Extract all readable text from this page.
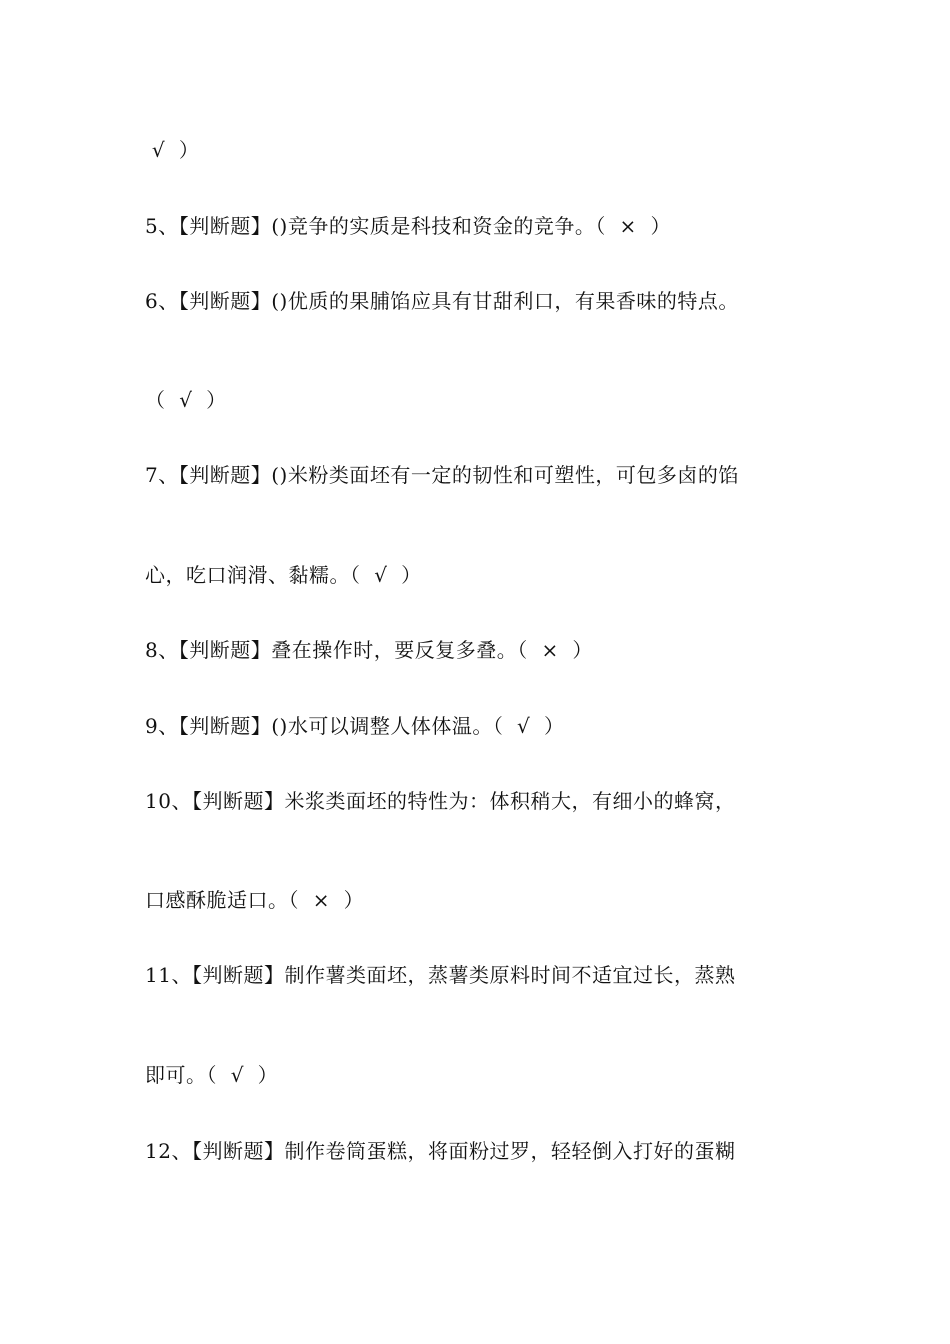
√  ）
5、【判断题】()竞争的实质是科技和资金的竞争。（  ×  ）
6、【判断题】()优质的果脯馅应具有甘甜利口，有果香味的特点。
（  √  ）
7、【判断题】()米粉类面坯有一定的韧性和可塑性，可包多卤的馅
心，吃口润滑、黏糯。（  √  ）
8、【判断题】叠在操作时，要反复多叠。（  ×  ）
9、【判断题】()水可以调整人体体温。（  √  ）
10、【判断题】米浆类面坯的特性为：体积稍大，有细小的蜂窝，
口感酥脆适口。（  ×  ）
11、【判断题】制作薯类面坯，蒸薯类原料时间不适宜过长，蒸熟
即可。（  √  ）
12、【判断题】制作卷筒蛋糕，将面粉过罗，轻轻倒入打好的蛋糊
